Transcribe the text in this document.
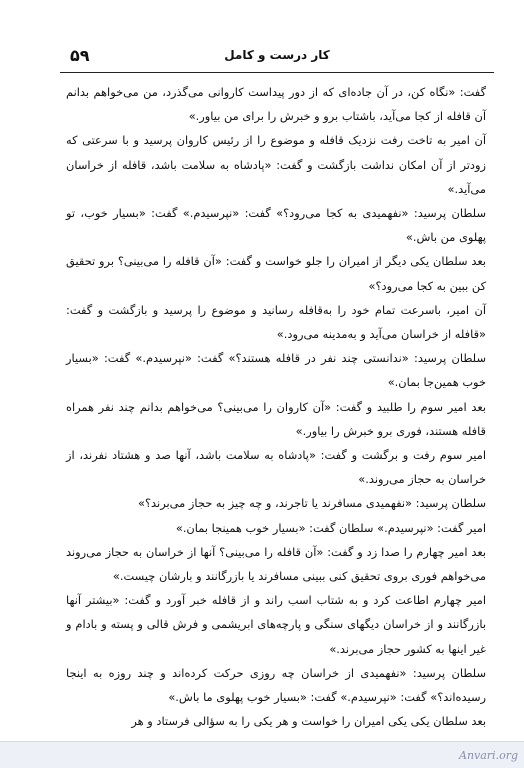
۵۹	کار درست و کامل

گفت: «نگاه کن، در آن جاده‌ای که از دور پیداست کاروانی می‌گذرد، من می‌خواهم بدانم آن قافله از کجا می‌آید، باشتاب برو و خبرش را برای من بیاور.»

آن امیر به تاخت رفت نزدیک قافله و موضوع را از رئیس کاروان پرسید و با سرعتی که زودتر از آن امکان نداشت بازگشت و گفت: «پادشاه به سلامت باشد، قافله از خراسان می‌آید.»

سلطان پرسید: «نفهمیدی به کجا می‌رود؟» گفت: «نپرسیدم.» گفت: «بسیار خوب، تو پهلوی من باش.»

بعد سلطان یکی دیگر از امیران را جلو خواست و گفت: «آن قافله را می‌بینی؟ برو تحقیق کن ببین به کجا می‌رود؟»

آن امیر، باسرعت تمام خود را به‌قافله رسانید و موضوع را پرسید و بازگشت و گفت: «قافله از خراسان می‌آید و به‌مدینه می‌رود.»

سلطان پرسید: «ندانستی چند نفر در قافله هستند؟» گفت: «نپرسیدم.» گفت: «بسیار خوب همین‌جا بمان.»

بعد امیر سوم را طلبید و گفت: «آن کاروان را می‌بینی؟ می‌خواهم بدانم چند نفر همراه قافله هستند، فوری برو خبرش را بیاور.»

امیر سوم رفت و برگشت و گفت: «پادشاه به سلامت باشد، آنها صد و هشتاد نفرند، از خراسان به حجاز می‌روند.»

سلطان پرسید: «نفهمیدی مسافرند یا تاجرند، و چه چیز به حجاز می‌برند؟»

امیر گفت: «نپرسیدم.» سلطان گفت: «بسیار خوب همینجا بمان.»

بعد امیر چهارم را صدا زد و گفت: «آن قافله را می‌بینی؟ آنها از خراسان به حجاز می‌روند می‌خواهم فوری بروی تحقیق کنی ببینی مسافرند یا بازرگانند و بارشان چیست.»

امیر چهارم اطاعت کرد و به شتاب اسب راند و از قافله خبر آورد و گفت: «بیشتر آنها بازرگانند و از خراسان دیگهای سنگی و پارچه‌های ابریشمی و فرش قالی و پسته و بادام و غیر اینها به کشور حجاز می‌برند.»

سلطان پرسید: «نفهمیدی از خراسان چه روزی حرکت کرده‌اند و چند روزه به اینجا رسیده‌اند؟» گفت: «نپرسیدم.» گفت: «بسیار خوب پهلوی ما باش.»

بعد سلطان یکی یکی امیران را خواست و هر یکی را به سؤالی فرستاد و هر

Anvari.org
